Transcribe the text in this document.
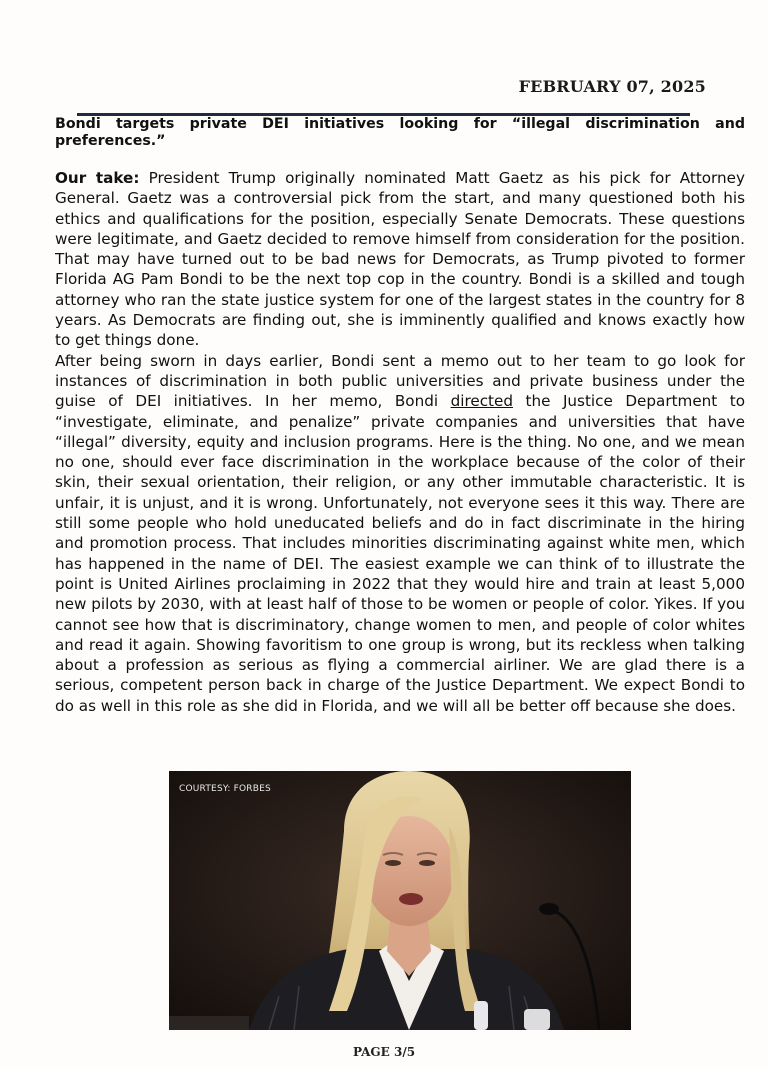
FEBRUARY 07, 2025

Bondi targets private DEI initiatives looking for “illegal discrimination and preferences.”

Our take: President Trump originally nominated Matt Gaetz as his pick for Attorney General. Gaetz was a controversial pick from the start, and many questioned both his ethics and qualifications for the position, especially Senate Democrats. These questions were legitimate, and Gaetz decided to remove himself from consideration for the position. That may have turned out to be bad news for Democrats, as Trump pivoted to former Florida AG Pam Bondi to be the next top cop in the country. Bondi is a skilled and tough attorney who ran the state justice system for one of the largest states in the country for 8 years. As Democrats are finding out, she is imminently qualified and knows exactly how to get things done.

After being sworn in days earlier, Bondi sent a memo out to her team to go look for instances of discrimination in both public universities and private business under the guise of DEI initiatives. In her memo, Bondi directed the Justice Department to “investigate, eliminate, and penalize” private companies and universities that have “illegal” diversity, equity and inclusion programs. Here is the thing. No one, and we mean no one, should ever face discrimination in the workplace because of the color of their skin, their sexual orientation, their religion, or any other immutable characteristic. It is unfair, it is unjust, and it is wrong. Unfortunately, not everyone sees it this way. There are still some people who hold uneducated beliefs and do in fact discriminate in the hiring and promotion process. That includes minorities discriminating against white men, which has happened in the name of DEI. The easiest example we can think of to illustrate the point is United Airlines proclaiming in 2022 that they would hire and train at least 5,000 new pilots by 2030, with at least half of those to be women or people of color. Yikes. If you cannot see how that is discriminatory, change women to men, and people of color whites and read it again. Showing favoritism to one group is wrong, but its reckless when talking about a profession as serious as flying a commercial airliner. We are glad there is a serious, competent person back in charge of the Justice Department. We expect Bondi to do as well in this role as she did in Florida, and we will all be better off because she does.

COURTESY: FORBES
PAGE 3/5
